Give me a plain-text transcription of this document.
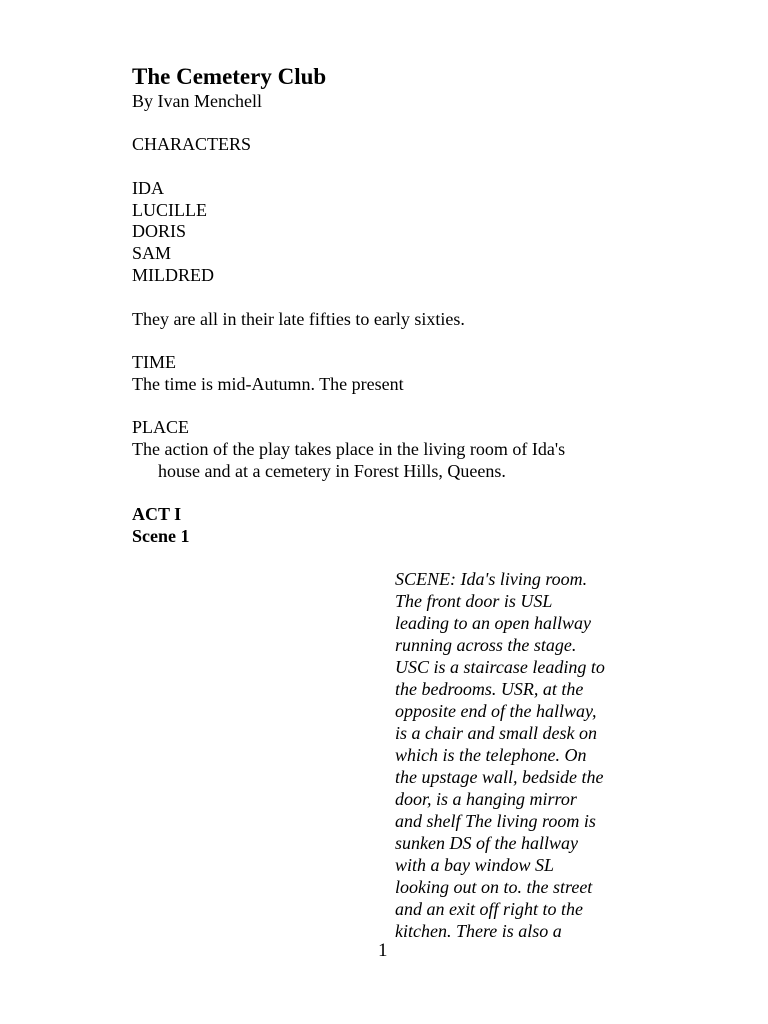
The Cemetery Club
By Ivan Menchell
CHARACTERS
IDA
LUCILLE
DORIS
SAM
MILDRED
They are all in their late fifties to early sixties.
TIME
The time is mid-Autumn. The present
PLACE
The action of the play takes place in the living room of Ida's
house and at a cemetery in Forest Hills, Queens.
ACT I
Scene 1
SCENE: Ida's living room.
The front door is USL
leading to an open hallway
running across the stage.
USC is a staircase leading to
the bedrooms. USR, at the
opposite end of the hallway,
is a chair and small desk on
which is the telephone. On
the upstage wall, bedside the
door, is a hanging mirror
and shelf The living room is
sunken DS of the hallway
with a bay window SL
looking out on to. the street
and an exit off right to the
kitchen. There is also a
1
